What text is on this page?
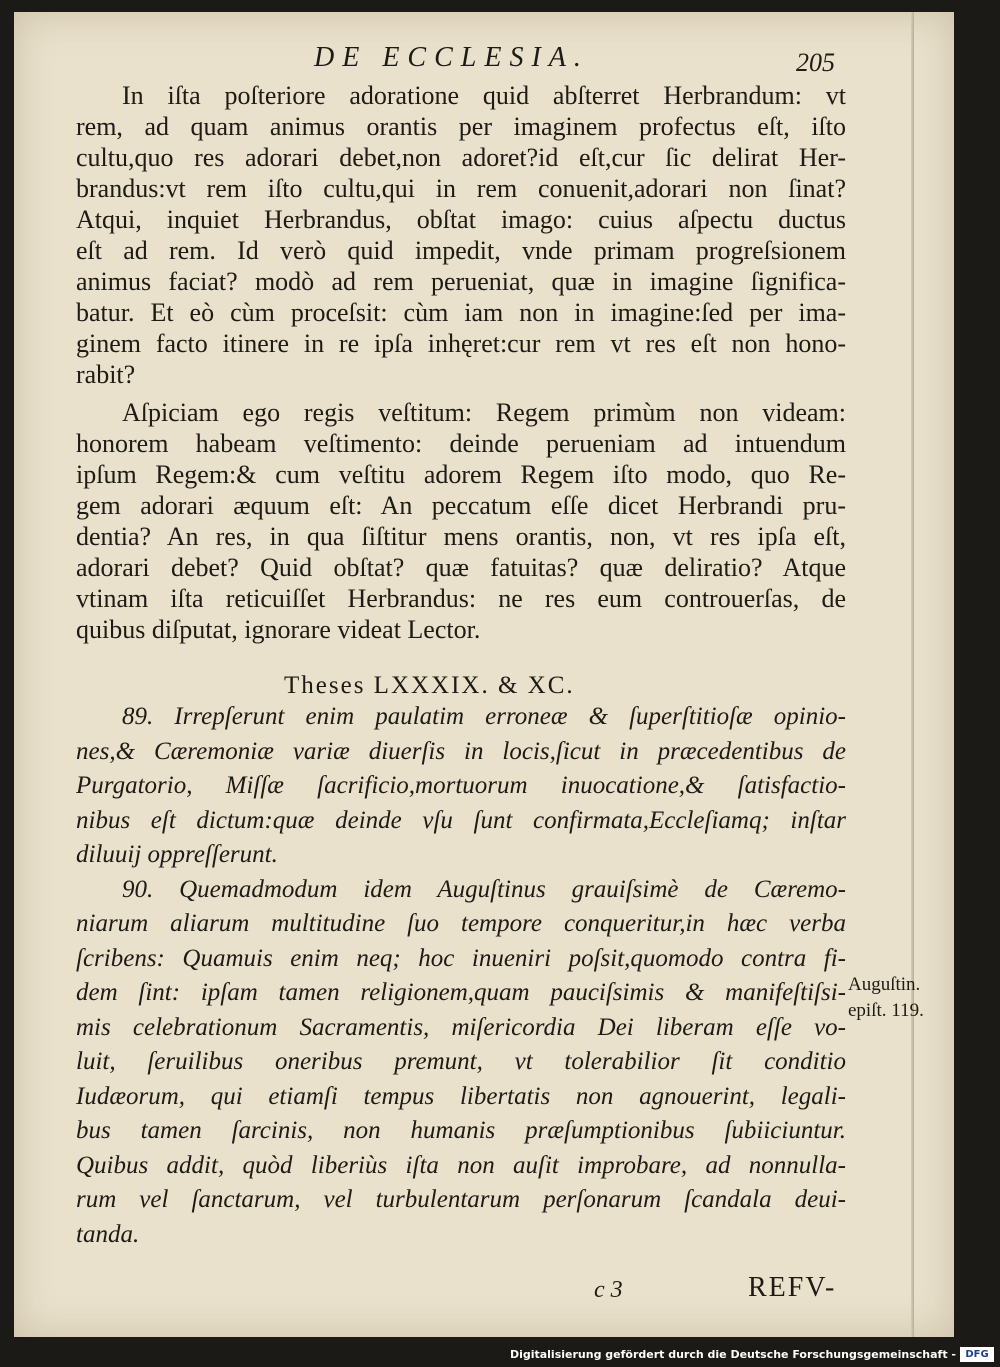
DE ECCLESIA.	205
In iſta poſteriore adoratione quid abſterret Herbrandum: vt
rem, ad quam animus orantis per imaginem profectus eſt, iſto
cultu,quo res adorari debet,non adoret?id eſt,cur ſic delirat Her-
brandus:vt rem iſto cultu,qui in rem conuenit,adorari non ſinat?
Atqui, inquiet Herbrandus, obſtat imago: cuius aſpectu ductus
eſt ad rem. Id verò quid impedit, vnde primam progreſsionem
animus faciat? modò ad rem perueniat, quæ in imagine ſignifica-
batur. Et eò cùm proceſsit: cùm iam non in imagine:ſed per ima-
ginem facto itinere in re ipſa inhęret:cur rem vt res eſt non hono-
rabit?
Aſpiciam ego regis veſtitum: Regem primùm non videam:
honorem habeam veſtimento: deinde perueniam ad intuendum
ipſum Regem:& cum veſtitu adorem Regem iſto modo, quo Re-
gem adorari æquum eſt: An peccatum eſſe dicet Herbrandi pru-
dentia? An res, in qua ſiſtitur mens orantis, non, vt res ipſa eſt,
adorari debet? Quid obſtat? quæ fatuitas? quæ deliratio? Atque
vtinam iſta reticuiſſet Herbrandus: ne res eum controuerſas, de
quibus diſputat, ignorare videat Lector.
Theses LXXXIX. & XC.
89. Irrepſerunt enim paulatim erroneæ & ſuperſtitioſæ opinio-
nes,& Cæremoniæ variæ diuerſis in locis,ſicut in præcedentibus de
Purgatorio, Miſſæ ſacrificio,mortuorum inuocatione,& ſatisfactio-
nibus eſt dictum:quæ deinde vſu ſunt confirmata,Eccleſiamq; inſtar
diluuij oppreſſerunt.
90. Quemadmodum idem Auguſtinus grauiſsimè de Cæremo-
niarum aliarum multitudine ſuo tempore conqueritur,in hæc verba
ſcribens: Quamuis enim neq; hoc inueniri poſsit,quomodo contra fi-
dem ſint: ipſam tamen religionem,quam pauciſsimis & manifeſtiſsi-
mis celebrationum Sacramentis, miſericordia Dei liberam eſſe vo-
luit, ſeruilibus oneribus premunt, vt tolerabilior ſit conditio
Iudæorum, qui etiamſi tempus libertatis non agnouerint, legali-
bus tamen ſarcinis, non humanis præſumptionibus ſubiiciuntur.
Quibus addit, quòd liberiùs iſta non auſit improbare, ad nonnulla-
rum vel ſanctarum, vel turbulentarum perſonarum ſcandala deui-
tanda.
Auguſtin.
epiſt. 119.
c 3	REFV-
Digitalisierung gefördert durch die Deutsche Forschungsgemeinschaft - DFG
